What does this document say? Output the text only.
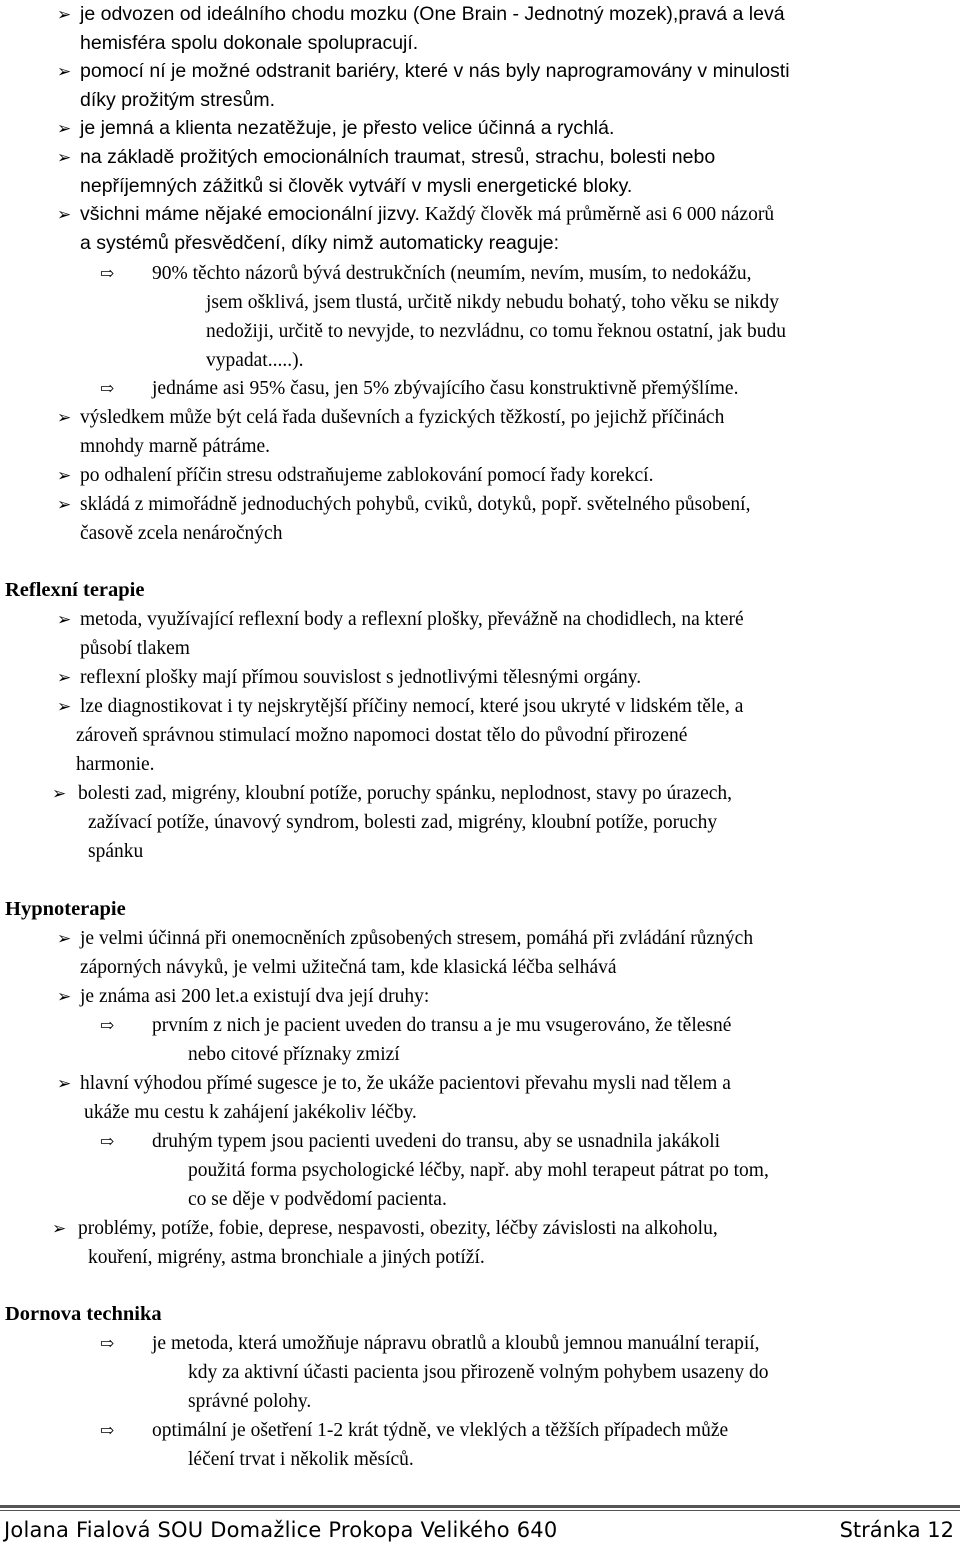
➢ je odvozen od ideálního chodu mozku (One Brain - Jednotný mozek),pravá a levá
hemisféra spolu dokonale spolupracují.
➢ pomocí ní je možné odstranit bariéry, které v nás byly naprogramovány v minulosti
díky prožitým stresům.
➢ je jemná a klienta nezatěžuje, je přesto velice účinná a rychlá.
➢ na základě prožitých emocionálních traumat, stresů, strachu, bolesti nebo
nepříjemných zážitků si člověk vytváří v mysli energetické bloky.
➢ všichni máme nějaké emocionální jizvy. Každý člověk má průměrně asi 6 000 názorů
a systémů přesvědčení, díky nimž automaticky reaguje:
⇨ 90% těchto názorů bývá destrukčních (neumím, nevím, musím, to nedokážu,
jsem ošklivá, jsem tlustá, určitě nikdy nebudu bohatý, toho věku se nikdy
nedožiji, určitě to nevyjde, to nezvládnu, co tomu řeknou ostatní, jak budu
vypadat.....).
⇨ jednáme asi 95% času, jen 5% zbývajícího času konstruktivně přemýšlíme.
➢ výsledkem může být celá řada duševních a fyzických těžkostí, po jejichž příčinách
mnohdy marně pátráme.
➢ po odhalení příčin stresu odstraňujeme zablokování pomocí řady korekcí.
➢ skládá z mimořádně jednoduchých pohybů, cviků, dotyků, popř. světelného působení,
časově zcela nenáročných
Reflexní terapie
➢ metoda, využívající reflexní body a reflexní plošky, převážně na chodidlech, na které
působí tlakem
➢ reflexní plošky mají přímou souvislost s jednotlivými tělesnými orgány.
➢ lze diagnostikovat i ty nejskrytější příčiny nemocí, které jsou ukryté v lidském těle, a
zároveň správnou stimulací možno napomoci dostat tělo do původní přirozené
harmonie.
➢ bolesti zad, migrény, kloubní potíže, poruchy spánku, neplodnost, stavy po úrazech,
zažívací potíže, únavový syndrom, bolesti zad, migrény, kloubní potíže, poruchy
spánku
Hypnoterapie
➢ je velmi účinná při onemocněních způsobených stresem, pomáhá při zvládání různých
záporných návyků, je velmi užitečná tam, kde klasická léčba selhává
➢ je známa asi 200 let.a existují dva její druhy:
⇨ prvním z nich je pacient uveden do transu a je mu vsugerováno, že tělesné
nebo citové příznaky zmizí
➢ hlavní výhodou přímé sugesce je to, že ukáže pacientovi převahu mysli nad tělem a
ukáže mu cestu k zahájení jakékoliv léčby.
⇨ druhým typem jsou pacienti uvedeni do transu, aby se usnadnila jakákoli
použitá forma psychologické léčby, např. aby mohl terapeut pátrat po tom,
co se děje v podvědomí pacienta.
➢ problémy, potíže, fobie, deprese, nespavosti, obezity, léčby závislosti na alkoholu,
kouření, migrény, astma bronchiale a jiných potíží.
Dornova technika
⇨ je metoda, která umožňuje nápravu obratlů a kloubů jemnou manuální terapií,
kdy za aktivní účasti pacienta jsou přirozeně volným pohybem usazeny do
správné polohy.
⇨ optimální je ošetření 1-2 krát týdně, ve vleklých a těžších případech může
léčení trvat i několik měsíců.
Jolana Fialová SOU Domažlice Prokopa Velikého 640	Stránka 12
